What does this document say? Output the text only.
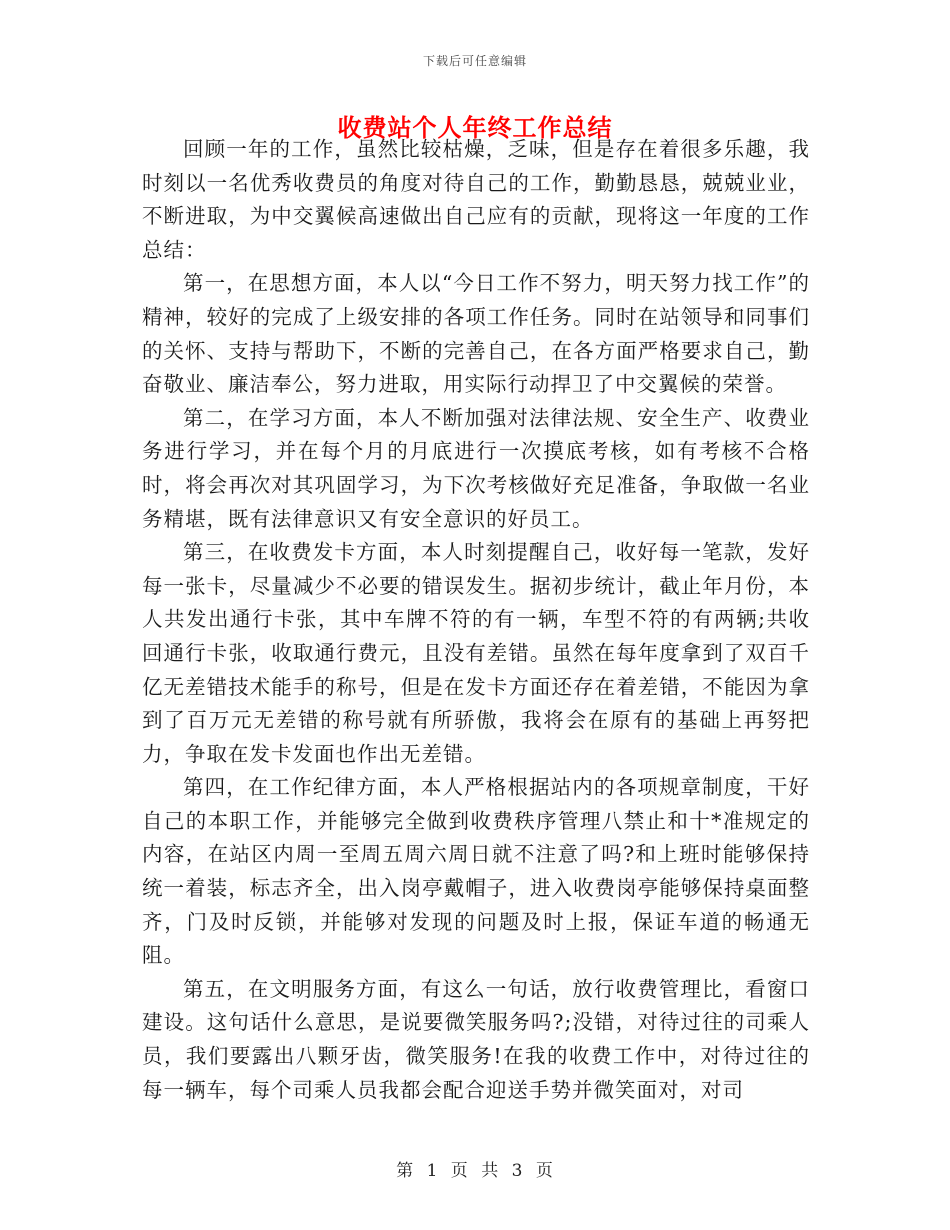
下载后可任意编辑
收费站个人年终工作总结

回顾一年的工作，虽然比较枯燥，乏味，但是存在着很多乐趣，我时刻以一名优秀收费员的角度对待自己的工作，勤勤恳恳，兢兢业业，不断进取，为中交翼候高速做出自己应有的贡献，现将这一年度的工作总结：

第一，在思想方面，本人以“今日工作不努力，明天努力找工作”的精神，较好的完成了上级安排的各项工作任务。同时在站领导和同事们的关怀、支持与帮助下，不断的完善自己，在各方面严格要求自己，勤奋敬业、廉洁奉公，努力进取，用实际行动捍卫了中交翼候的荣誉。

第二，在学习方面，本人不断加强对法律法规、安全生产、收费业务进行学习，并在每个月的月底进行一次摸底考核，如有考核不合格时，将会再次对其巩固学习，为下次考核做好充足准备，争取做一名业务精堪，既有法律意识又有安全意识的好员工。

第三，在收费发卡方面，本人时刻提醒自己，收好每一笔款，发好每一张卡，尽量减少不必要的错误发生。据初步统计，截止年月份，本人共发出通行卡张，其中车牌不符的有一辆，车型不符的有两辆;共收回通行卡张，收取通行费元，且没有差错。虽然在每年度拿到了双百千亿无差错技术能手的称号，但是在发卡方面还存在着差错，不能因为拿到了百万元无差错的称号就有所骄傲，我将会在原有的基础上再努把力，争取在发卡发面也作出无差错。

第四，在工作纪律方面，本人严格根据站内的各项规章制度，干好自己的本职工作，并能够完全做到收费秩序管理八禁止和十*准规定的内容，在站区内周一至周五周六周日就不注意了吗?和上班时能够保持统一着装，标志齐全，出入岗亭戴帽子，进入收费岗亭能够保持桌面整齐，门及时反锁，并能够对发现的问题及时上报，保证车道的畅通无阻。

第五，在文明服务方面，有这么一句话，放行收费管理比，看窗口建设。这句话什么意思，是说要微笑服务吗?;没错，对待过往的司乘人员，我们要露出八颗牙齿，微笑服务!在我的收费工作中，对待过往的每一辆车，每个司乘人员我都会配合迎送手势并微笑面对，对司

第 1 页 共 3 页
